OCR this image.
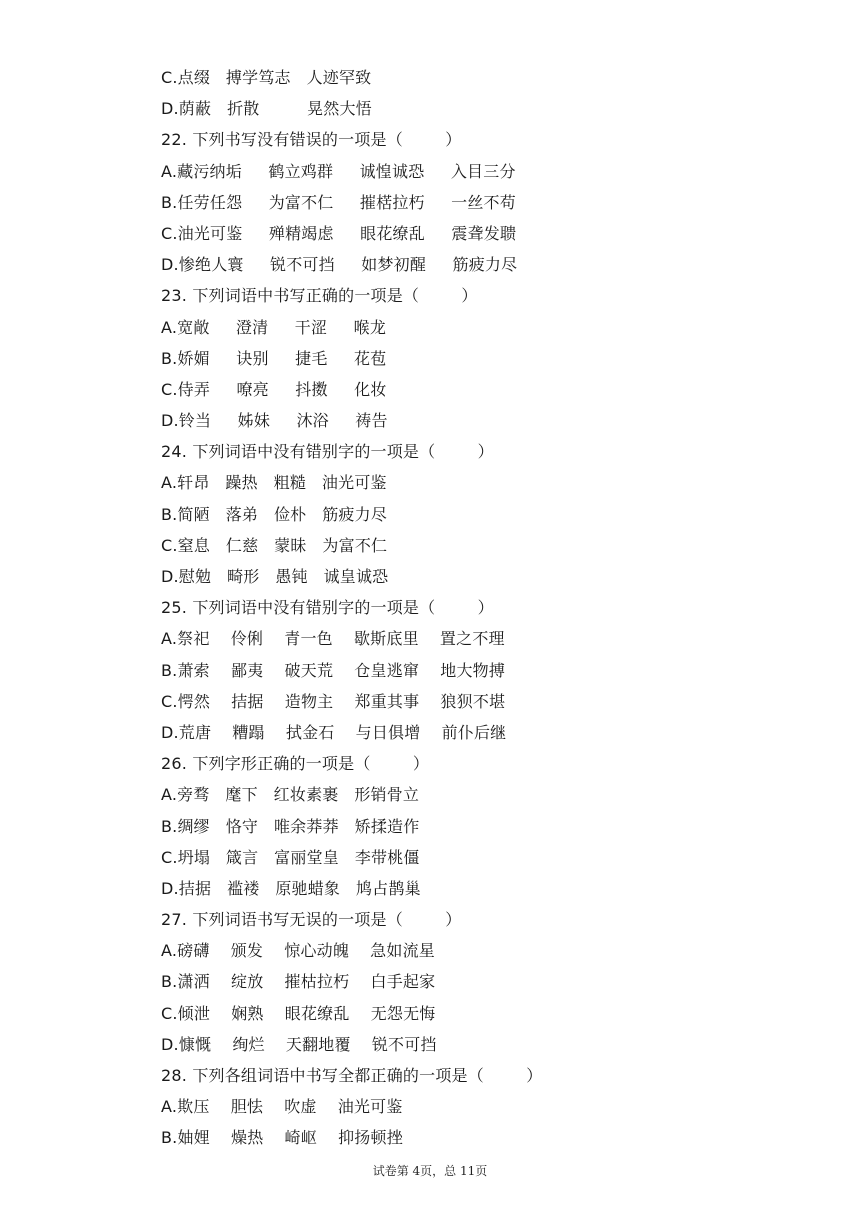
C.点缀   搏学笃志   人迹罕致
D.荫蔽   折散         晃然大悟
22. 下列书写没有错误的一项是（        ）
A.藏污纳垢     鹤立鸡群     诚惶诚恐     入目三分
B.任劳任怨     为富不仁     摧楛拉朽     一丝不苟
C.油光可鉴     殚精竭虑     眼花缭乱     震聋发聩
D.惨绝人寰     锐不可挡     如梦初醒     筋疲力尽
23. 下列词语中书写正确的一项是（        ）
A.宽敞     澄清     干涩     喉龙
B.娇媚     诀别     捷毛     花苞
C.侍弄     嘹亮     抖擞     化妆
D.铃当     姊妹     沐浴     祷告
24. 下列词语中没有错别字的一项是（        ）
A.轩昂   躁热   粗糙   油光可鉴
B.简陋   落弟   俭朴   筋疲力尽
C.窒息   仁慈   蒙昧   为富不仁
D.慰勉   畸形   愚钝   诚皇诚恐
25. 下列词语中没有错别字的一项是（        ）
A.祭祀    伶俐    青一色    歇斯底里    置之不理
B.萧索    鄙夷    破天荒    仓皇逃窜    地大物搏
C.愕然    拮据    造物主    郑重其事    狼狈不堪
D.荒唐    糟蹋    拭金石    与日俱增    前仆后继
26. 下列字形正确的一项是（        ）
A.旁骛   麾下   红妆素裹   形销骨立
B.绸缪   恪守   唯余莽莽   矫揉造作
C.坍塌   箴言   富丽堂皇   李带桃僵
D.拮据   褴褛   原驰蜡象   鸠占鹊巢
27. 下列词语书写无误的一项是（        ）
A.磅礴    颁发    惊心动魄    急如流星
B.潇洒    绽放    摧枯拉朽    白手起家
C.倾泄    娴熟    眼花缭乱    无怨无悔
D.慷慨    绚烂    天翻地覆    锐不可挡
28. 下列各组词语中书写全都正确的一项是（        ）
A.欺压    胆怯    吹虚    油光可鉴
B.妯娌    燥热    崎岖    抑扬顿挫
试卷第 4页，总 11页
